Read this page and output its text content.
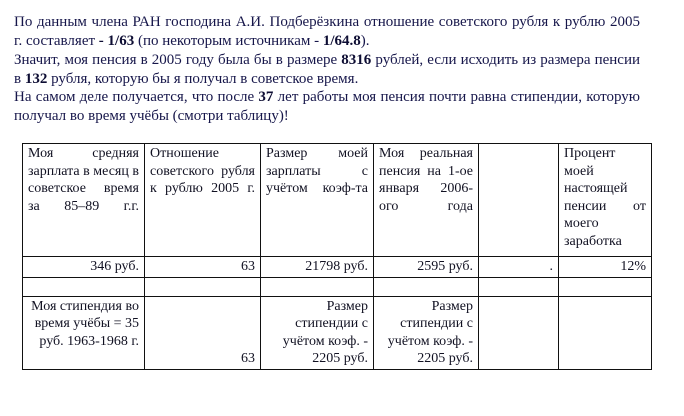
По данным члена РАН господина А.И. Подберёзкина отношение советского рубля к рублю 2005 г. составляет - 1/63 (по некоторым источникам - 1/64.8).
Значит, моя пенсия в 2005 году была бы в размере 8316 рублей, если исходить из размера пенсии в 132 рубля, которую бы я получал в советское время.
На самом деле получается, что после 37 лет работы моя пенсия почти равна стипендии, которую получал во время учёбы (смотри таблицу)!
Моя средняя зарплата в месяц в советское время за 85–89 г.г.	Отношение советского рубля к рублю 2005 г.	Размер моей зарплаты с учётом коэф-та	Моя реальная пенсия на 1-ое января 2006-ого года		Процент моей настоящей пенсии от моего заработка
346 руб.	63	21798 руб.	2595 руб.	.	12%

Моя стипендия во время учёбы = 35 руб. 1963-1968 г.	63	Размер стипендии с учётом коэф. - 2205 руб.	Размер стипендии с учётом коэф. - 2205 руб.		
